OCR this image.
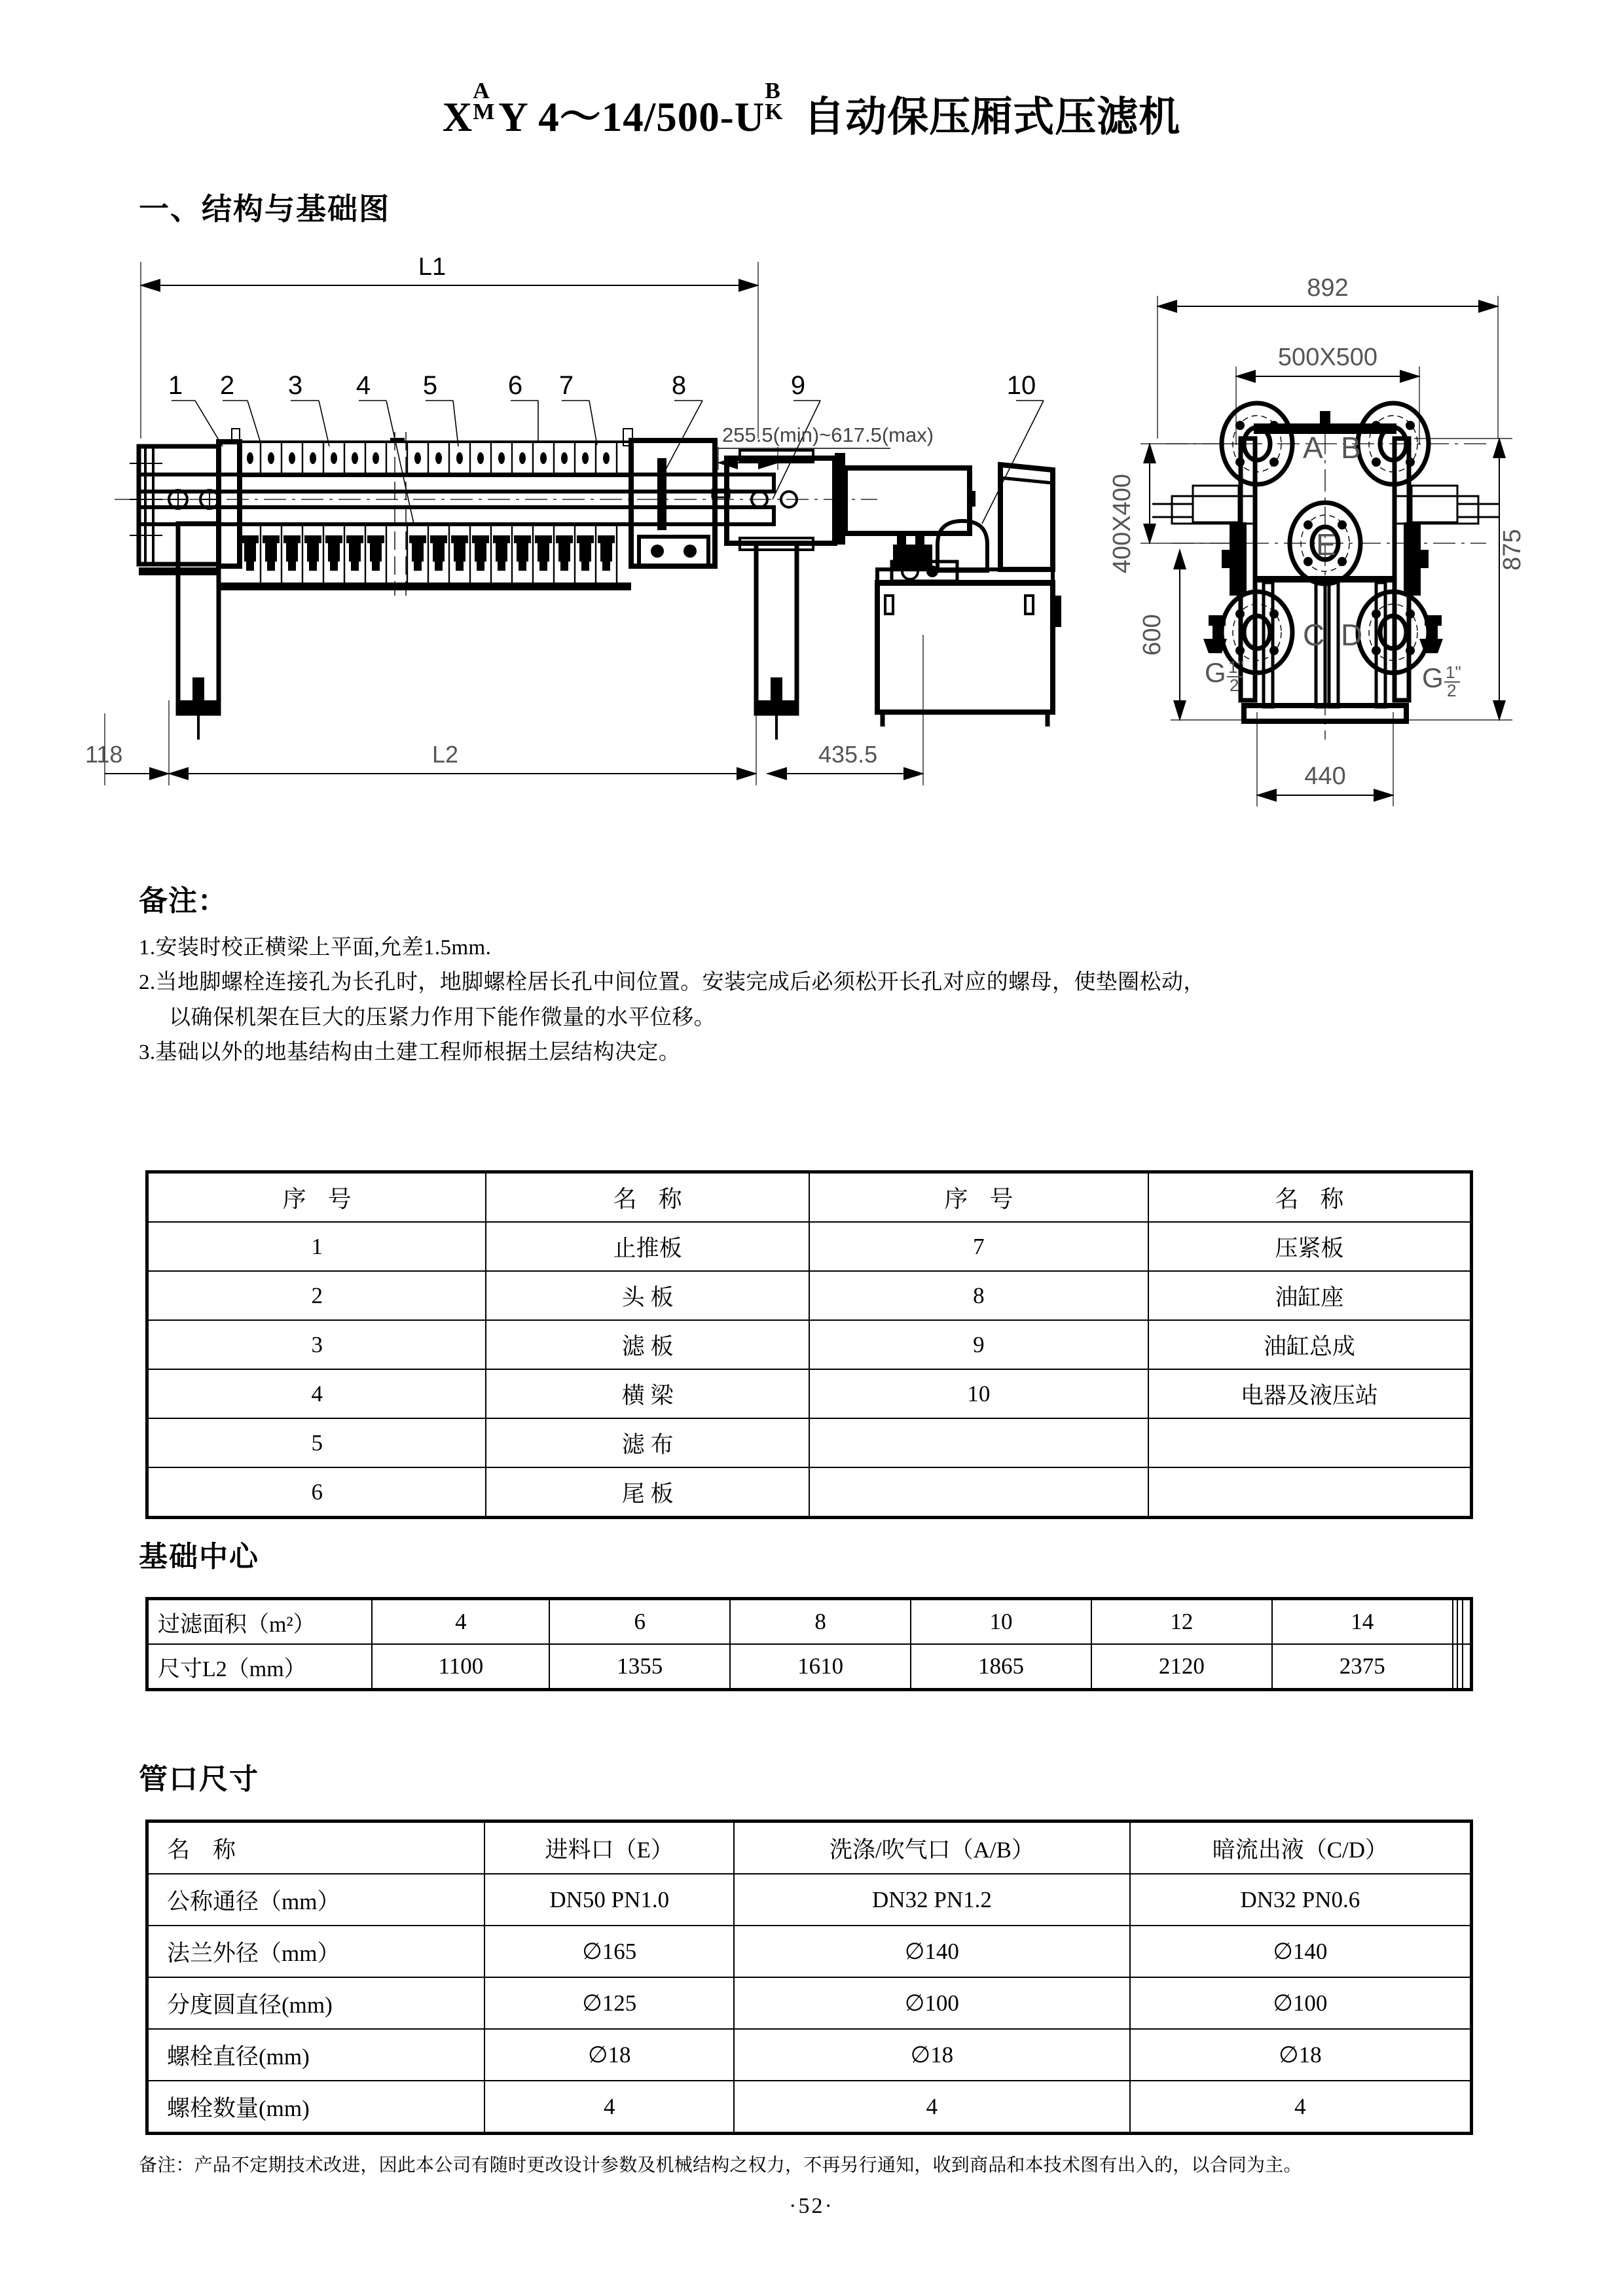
X
A
M Y 4～14/500-U
B
K 自动保压厢式压滤机
一、结构与基础图
L1
1 2 3 4 5	6 7	8	9	10
255.5(min)~617.5(max)
118	L2	435.5
892
500X500
400X400
600
875
440
A B
E
C D
G 1"
2	G 1"
2
备注：
1.安装时校正横梁上平面,允差1.5mm.
2.当地脚螺栓连接孔为长孔时，地脚螺栓居长孔中间位置。安装完成后必须松开长孔对应的螺母，使垫圈松动，
以确保机架在巨大的压紧力作用下能作微量的水平位移。
3.基础以外的地基结构由土建工程师根据土层结构决定。
序 号	名 称	序 号	名 称
1	止推板	7	压紧板
2	头 板	8	油缸座
3	滤 板	9	油缸总成
4	横 梁	10	电器及液压站
5	滤 布		
6	尾 板		
基础中心
过滤面积（m²）	4	6	8	10	12	14			
尺寸L2（mm）	1100	1355	1610	1865	2120	2375			
管口尺寸
名　称	进料口（E）	洗涤/吹气口（A/B）	暗流出液（C/D）
公称通径（mm）	DN50 PN1.0	DN32 PN1.2	DN32 PN0.6
法兰外径（mm）	∅165	∅140	∅140
分度圆直径(mm)	∅125	∅100	∅100
螺栓直径(mm)	∅18	∅18	∅18
螺栓数量(mm)	4	4	4
备注：产品不定期技术改进，因此本公司有随时更改设计参数及机械结构之权力，不再另行通知，收到商品和本技术图有出入的，以合同为主。
·52·
